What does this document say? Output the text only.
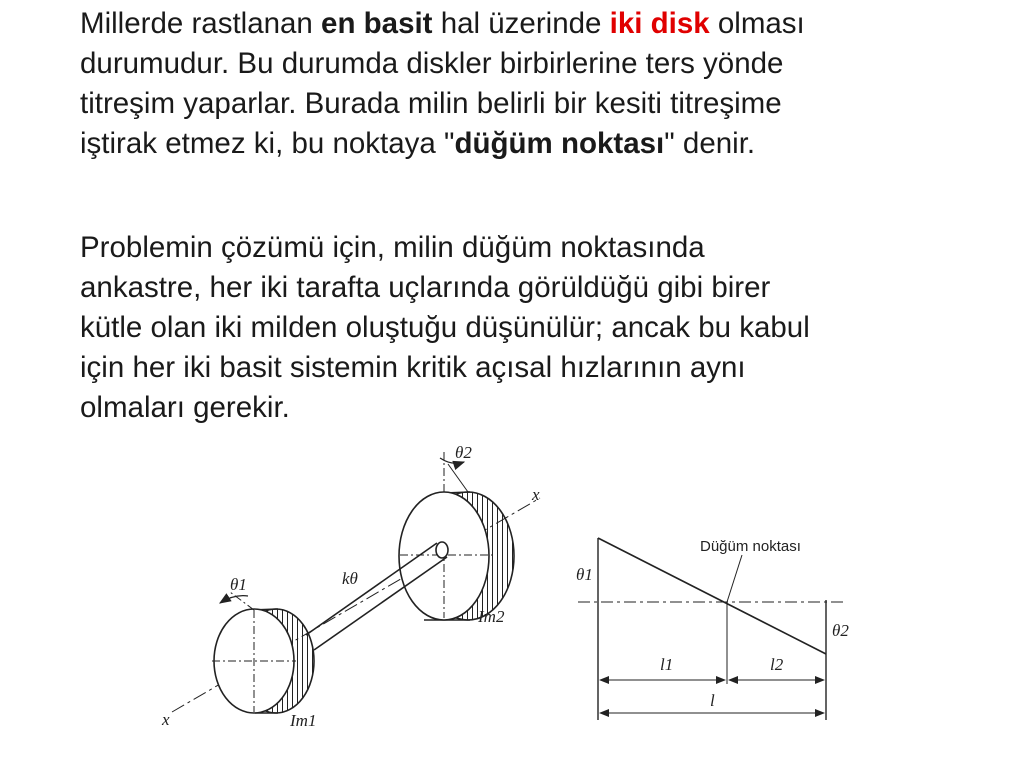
Millerde rastlanan en basit hal üzerinde iki disk olması
durumudur. Bu durumda diskler birbirlerine ters yönde
titreşim yaparlar. Burada milin belirli bir kesiti titreşime
iştirak etmez ki, bu noktaya "düğüm noktası" denir.
Problemin çözümü için, milin düğüm noktasında
ankastre, her iki tarafta uçlarında görüldüğü gibi birer
kütle olan iki milden oluştuğu düşünülür; ancak bu kabul
için her iki basit sistemin kritik açısal hızlarının aynı
olmaları gerekir.
θ2
θ1
x
x
kθ
Im2
Im1
Düğüm noktası
θ1
θ2
l1	l2
l
